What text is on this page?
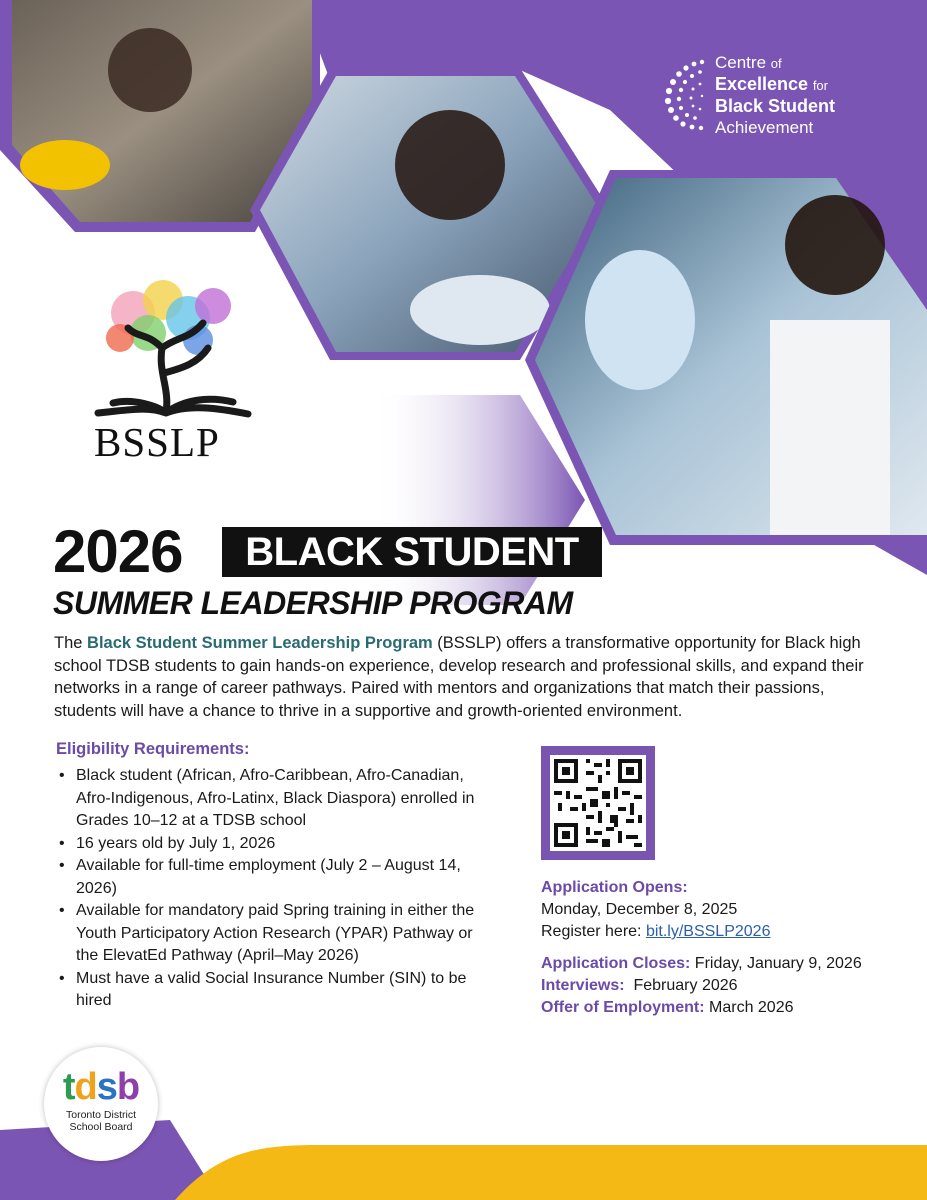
Centre of
Excellence for
Black Student
Achievement
BSSLP
2026	BLACK STUDENT
SUMMER LEADERSHIP PROGRAM
The Black Student Summer Leadership Program (BSSLP) offers a transformative opportunity for Black high school TDSB students to gain hands-on experience, develop research and professional skills, and expand their networks in a range of career pathways. Paired with mentors and organizations that match their passions, students will have a chance to thrive in a supportive and growth-oriented environment.
Eligibility Requirements:
• Black student (African, Afro-Caribbean, Afro-Canadian, Afro-Indigenous, Afro-Latinx, Black Diaspora) enrolled in Grades 10–12 at a TDSB school
• 16 years old by July 1, 2026
• Available for full-time employment (July 2 – August 14, 2026)
• Available for mandatory paid Spring training in either the Youth Participatory Action Research (YPAR) Pathway or the ElevatEd Pathway (April–May 2026)
• Must have a valid Social Insurance Number (SIN) to be hired
Application Opens:
Monday, December 8, 2025
Register here: bit.ly/BSSLP2026
Application Closes: Friday, January 9, 2026
Interviews:  February 2026
Offer of Employment: March 2026
tdsb
Toronto District
School Board
